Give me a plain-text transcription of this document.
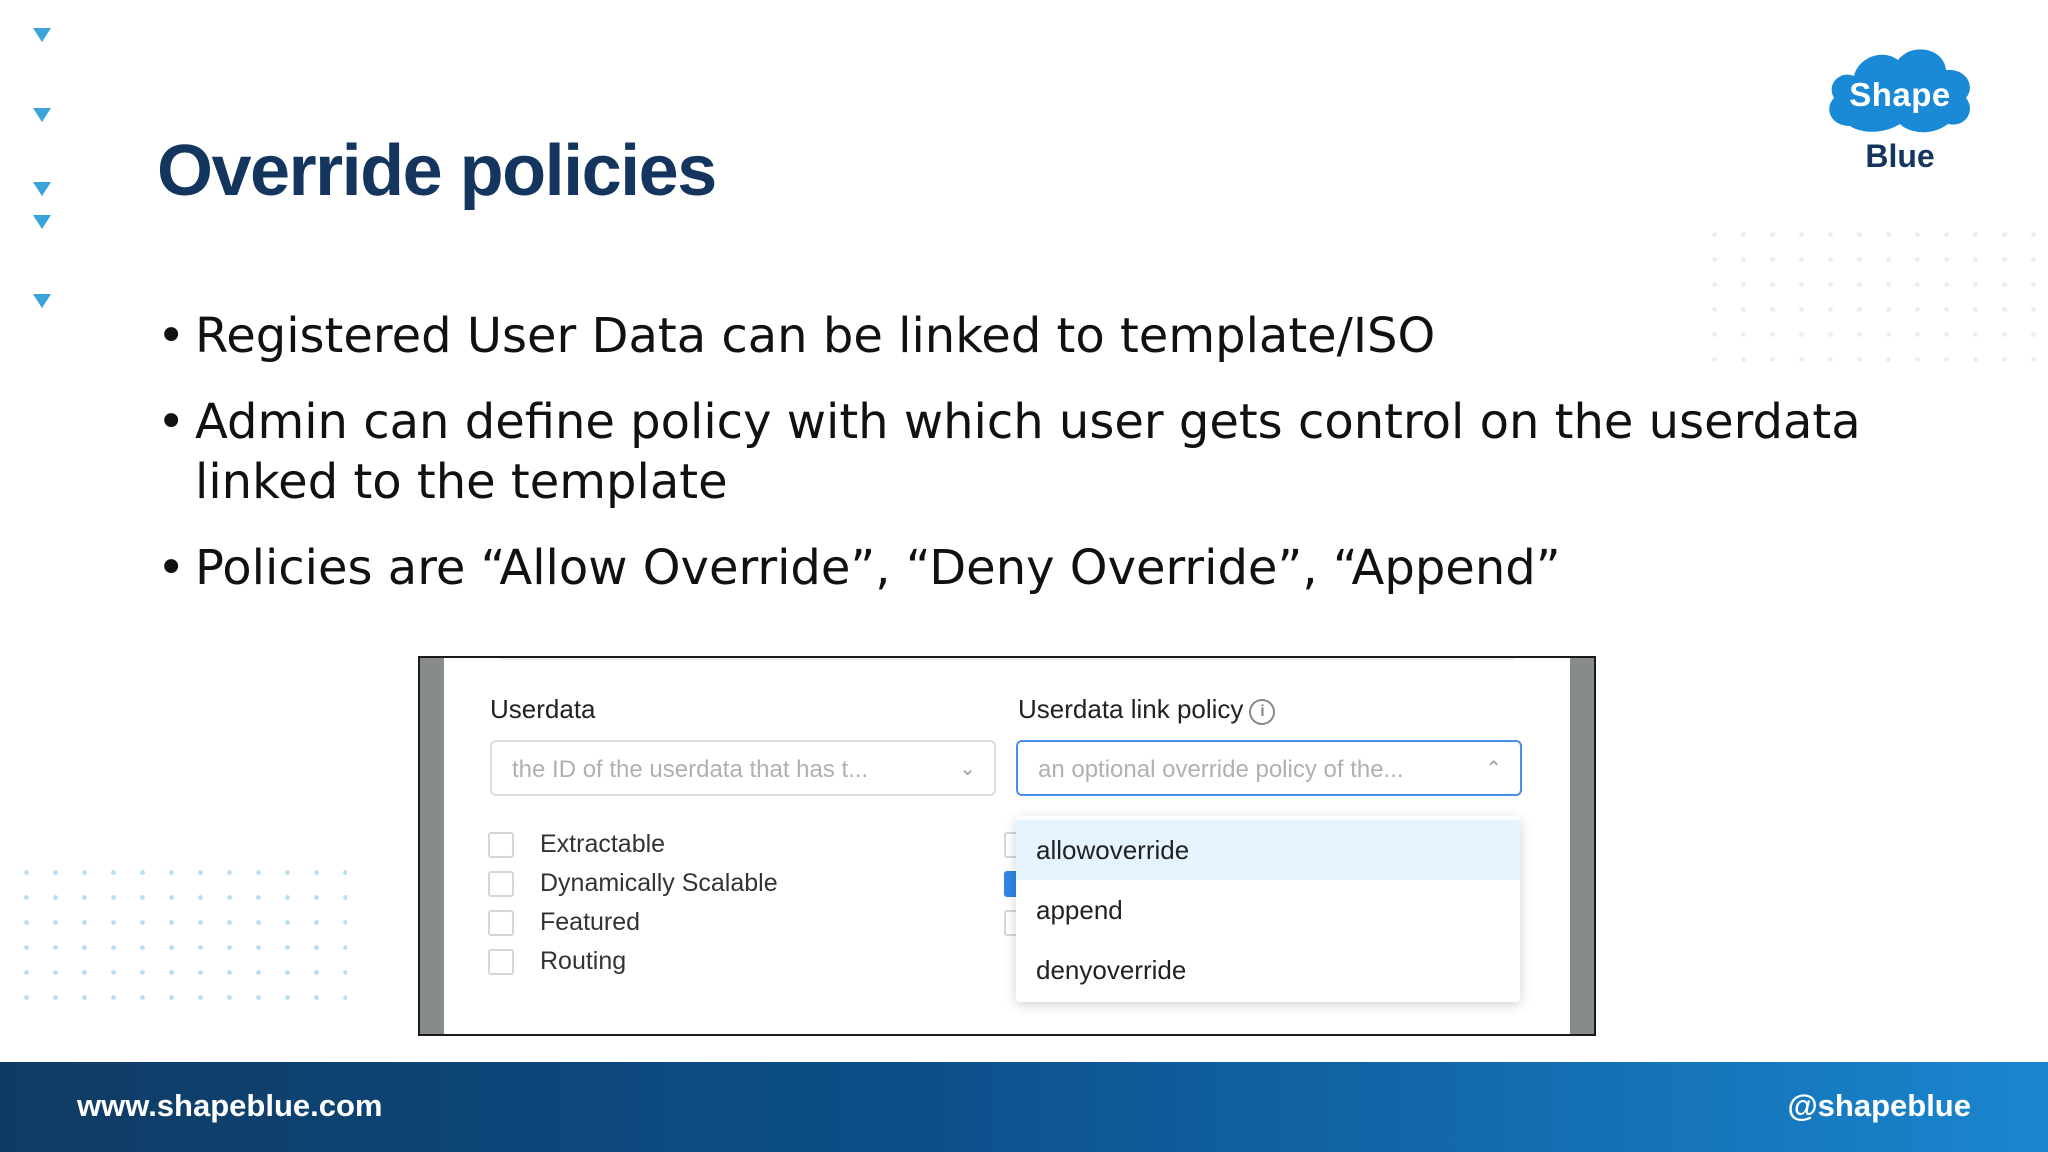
Shape
Blue
Override policies
• Registered User Data can be linked to template/ISO
• Admin can define policy with which user gets control on the userdata linked to the template
• Policies are “Allow Override”, “Deny Override”, “Append”
Userdata	Userdata link policy i
the ID of the userdata that has t...	⌄	an optional override policy of the...	⌃
Extractable
Dynamically Scalable
Featured
Routing
allowoverride
append
denyoverride
www.shapeblue.com	@shapeblue
